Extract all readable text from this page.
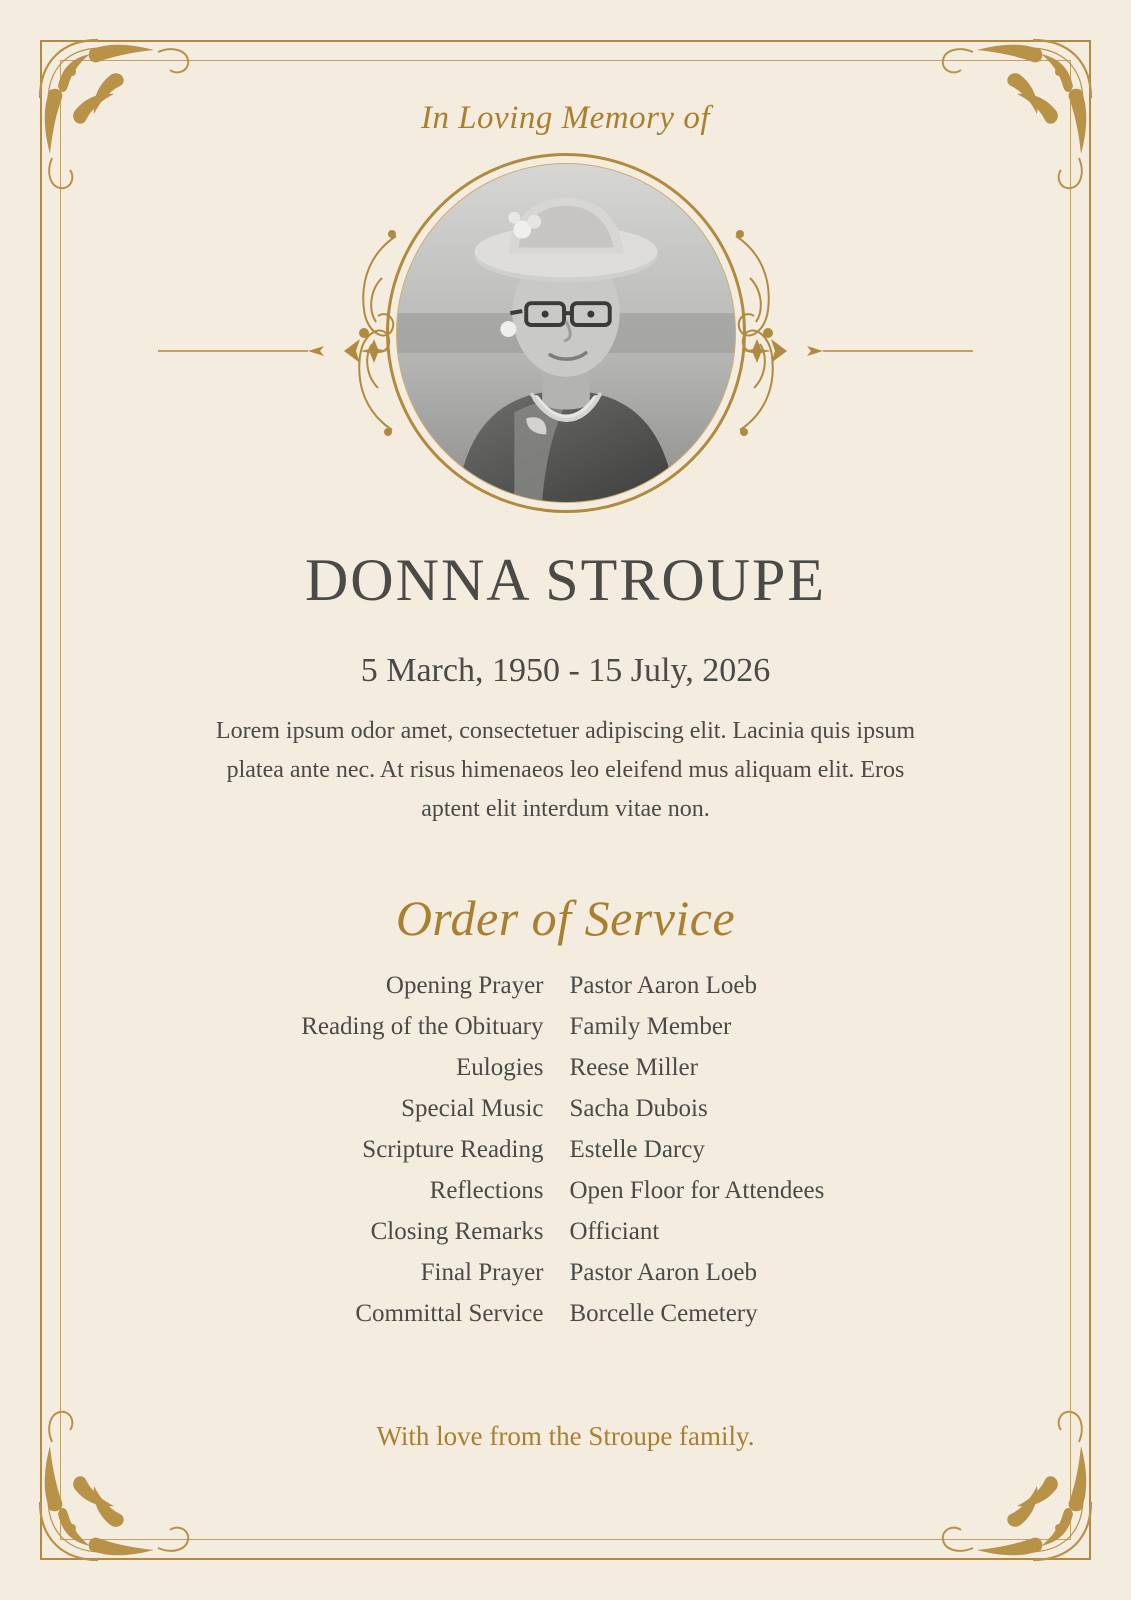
In Loving Memory of
DONNA STROUPE
5 March, 1950 - 15 July, 2026

Lorem ipsum odor amet, consectetuer adipiscing elit. Lacinia quis ipsum platea ante nec. At risus himenaeos leo eleifend mus aliquam elit. Eros aptent elit interdum vitae non.

Order of Service
Opening Prayer	Pastor Aaron Loeb
Reading of the Obituary	Family Member
Eulogies	Reese Miller
Special Music	Sacha Dubois
Scripture Reading	Estelle Darcy
Reflections	Open Floor for Attendees
Closing Remarks	Officiant
Final Prayer	Pastor Aaron Loeb
Committal Service	Borcelle Cemetery
With love from the Stroupe family.
